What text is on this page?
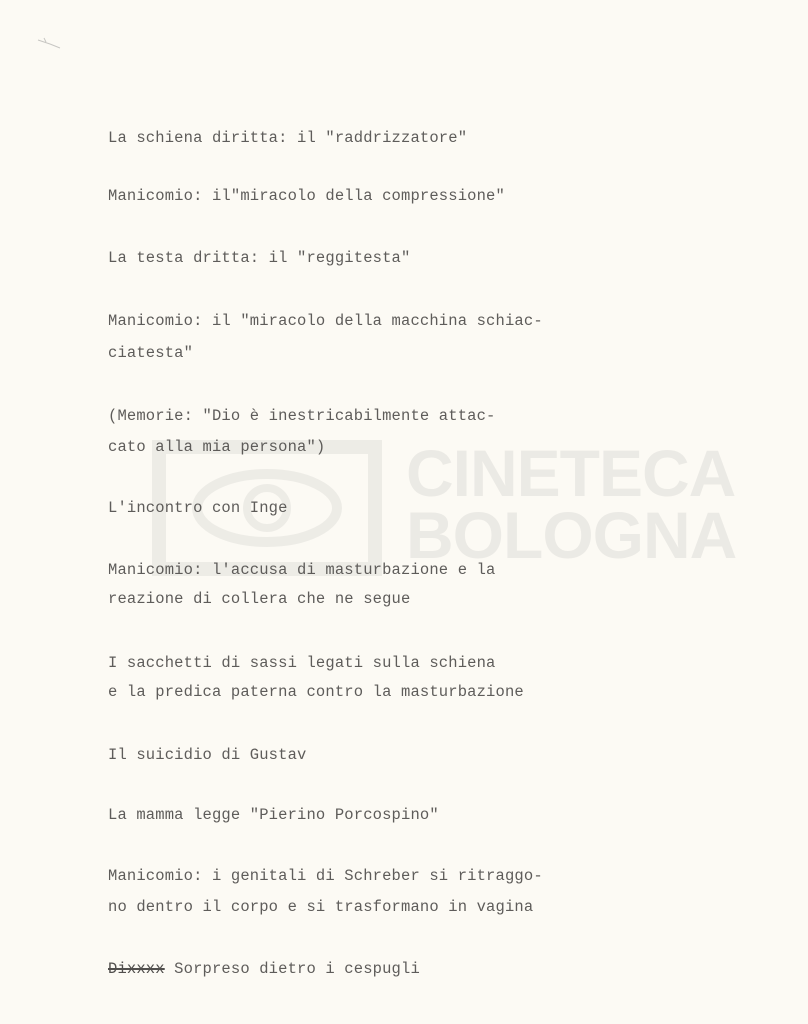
CINETECA
BOLOGNA
La schiena diritta: il "raddrizzatore"
Manicomio: il"miracolo della compressione"
La testa dritta: il "reggitesta"
Manicomio: il "miracolo della macchina schiac-
ciatesta"
(Memorie: "Dio è inestricabilmente attac-
cato alla mia persona")
L'incontro con Inge
Manicomio: l'accusa di masturbazione e la
reazione di collera che ne segue
I sacchetti di sassi legati sulla schiena
e la predica paterna contro la masturbazione
Il suicidio di Gustav
La mamma legge "Pierino Porcospino"
Manicomio: i genitali di Schreber si ritraggo-
no dentro il corpo e si trasformano in vagina
Dixxxx Sorpreso dietro i cespugli
